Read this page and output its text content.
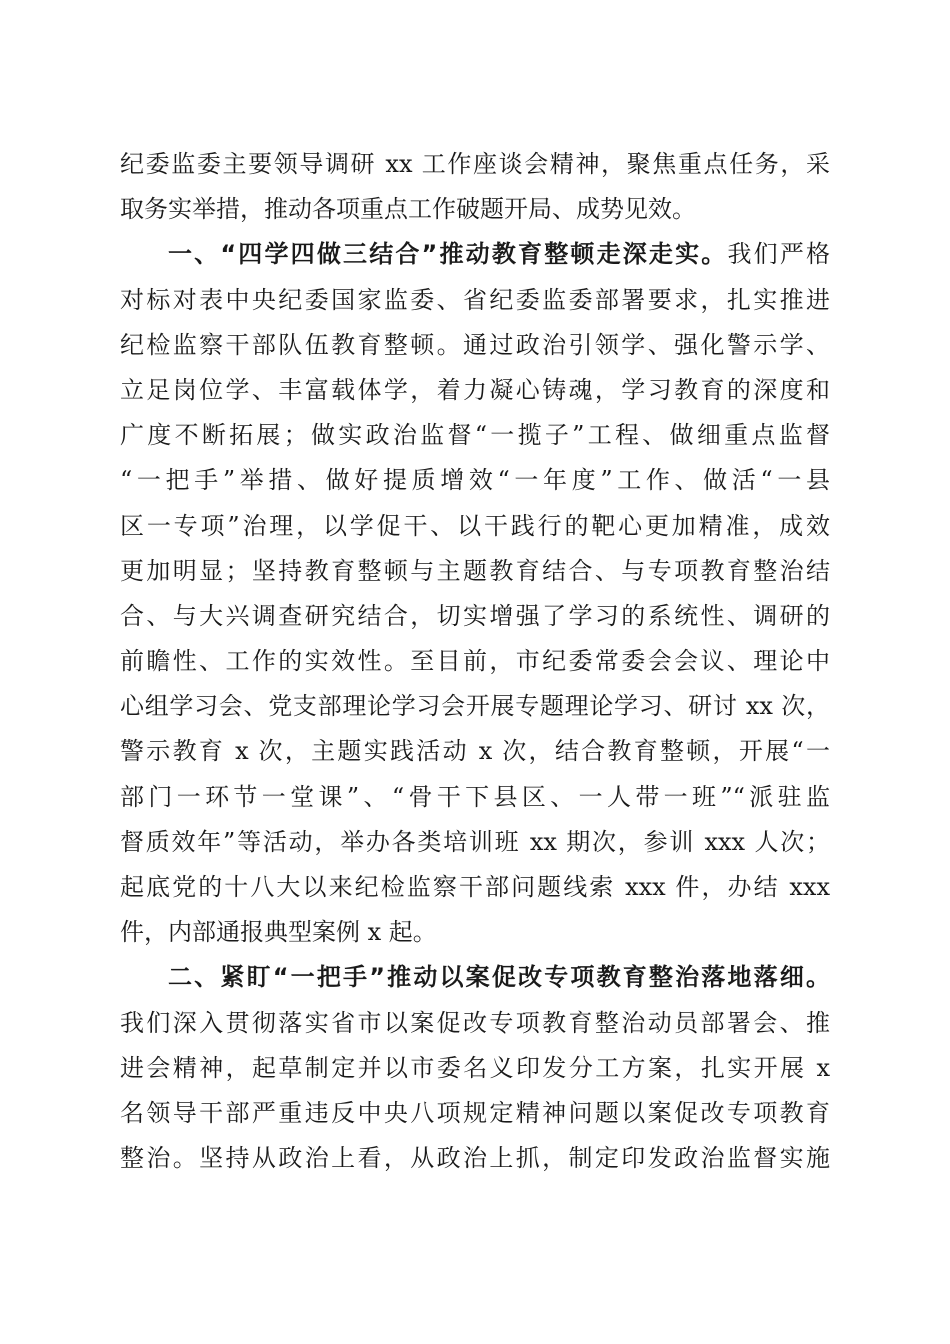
纪委监委主要领导调研 xx 工作座谈会精神，聚焦重点任务，采
取务实举措，推动各项重点工作破题开局、成势见效。
一、“四学四做三结合”推动教育整顿走深走实。我们严格
对标对表中央纪委国家监委、省纪委监委部署要求，扎实推进
纪检监察干部队伍教育整顿。通过政治引领学、强化警示学、
立足岗位学、丰富载体学，着力凝心铸魂，学习教育的深度和
广度不断拓展；做实政治监督“一揽子”工程、做细重点监督
“一把手”举措、做好提质增效“一年度”工作、做活“一县
区一专项”治理，以学促干、以干践行的靶心更加精准，成效
更加明显；坚持教育整顿与主题教育结合、与专项教育整治结
合、与大兴调查研究结合，切实增强了学习的系统性、调研的
前瞻性、工作的实效性。至目前，市纪委常委会会议、理论中
心组学习会、党支部理论学习会开展专题理论学习、研讨 xx 次，
警示教育 x 次，主题实践活动 x 次，结合教育整顿，开展“一
部门一环节一堂课”、“骨干下县区、一人带一班”“派驻监
督质效年”等活动，举办各类培训班 xx 期次，参训 xxx 人次；
起底党的十八大以来纪检监察干部问题线索 xxx 件，办结 xxx
件，内部通报典型案例 x 起。
二、紧盯“一把手”推动以案促改专项教育整治落地落细。
我们深入贯彻落实省市以案促改专项教育整治动员部署会、推
进会精神，起草制定并以市委名义印发分工方案，扎实开展 x
名领导干部严重违反中央八项规定精神问题以案促改专项教育
整治。坚持从政治上看，从政治上抓，制定印发政治监督实施
